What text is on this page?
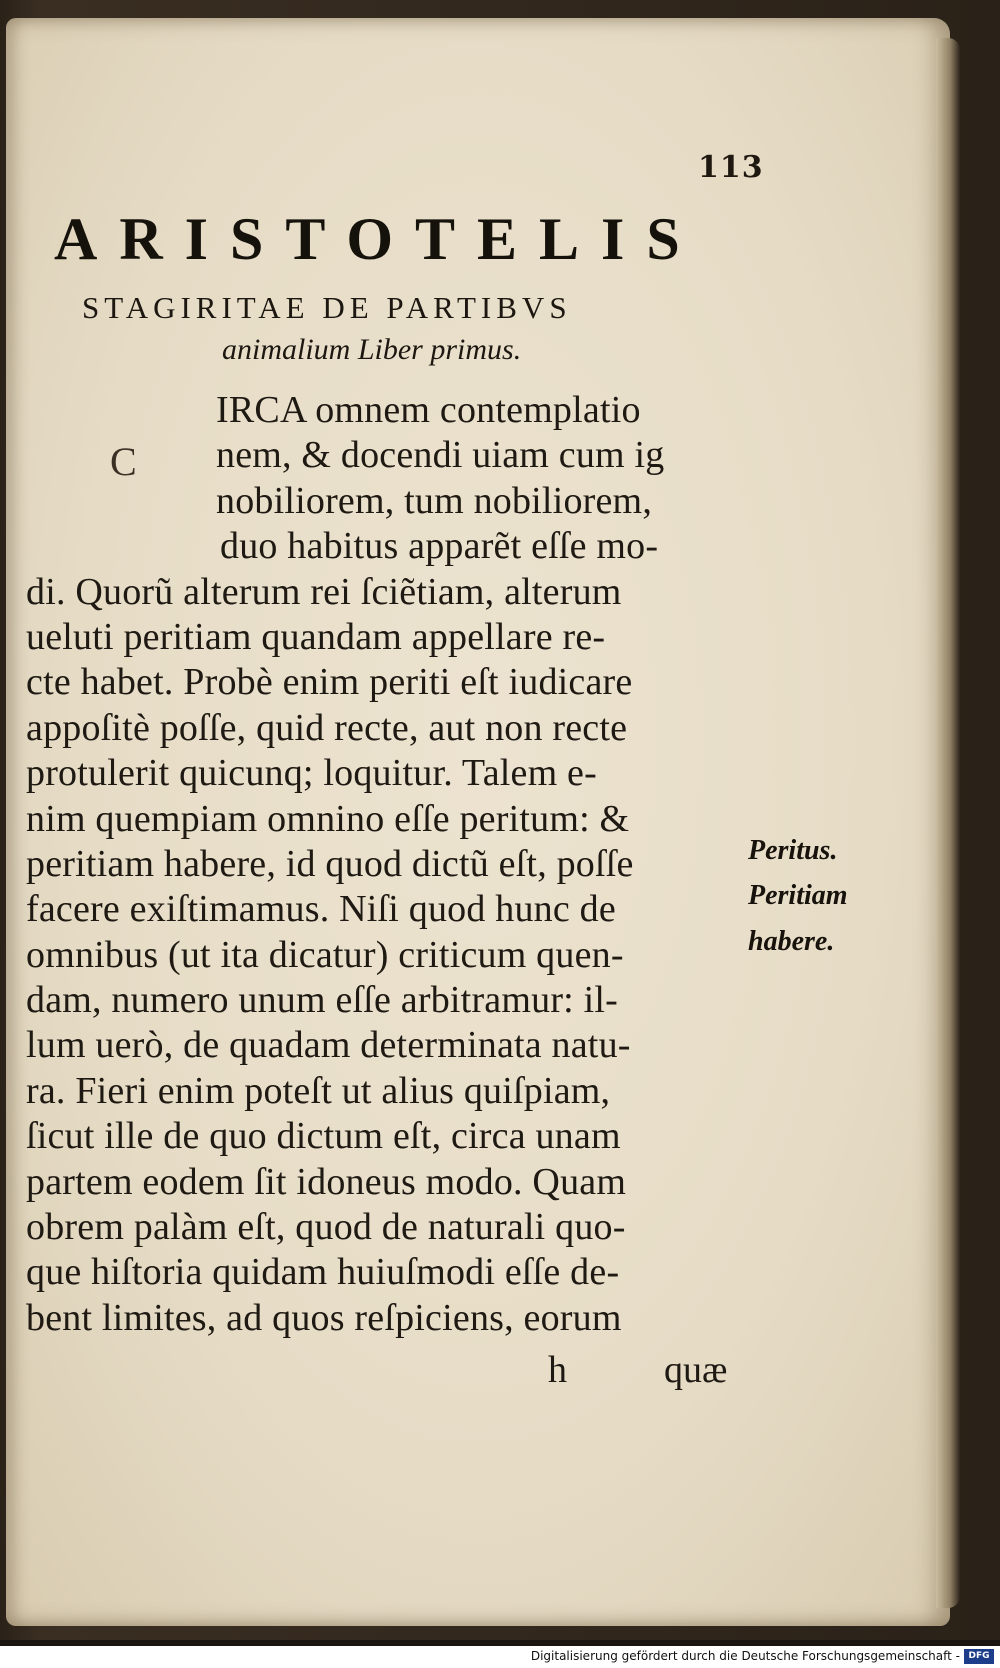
113
ARISTOTELIS
STAGIRITAE DE PARTIBVS
animalium Liber primus.
C
IRCA omnem contemplatio
nem, & docendi uiam cum ig
nobiliorem, tum nobiliorem,
duo habitus apparẽt eſſe mo-
di. Quorũ alterum rei ſciẽtiam, alterum
ueluti peritiam quandam appellare re-
cte habet. Probè enim periti eſt iudicare
appoſitè poſſe, quid recte, aut non recte
protulerit quicunq; loquitur. Talem e-
nim quempiam omnino eſſe peritum: &
peritiam habere, id quod dictũ eſt, poſſe
facere exiſtimamus. Niſi quod hunc de
omnibus (ut ita dicatur) criticum quen-
dam, numero unum eſſe arbitramur: il-
lum uerò, de quadam determinata natu-
ra. Fieri enim poteſt ut alius quiſpiam,
ſicut ille de quo dictum eſt, circa unam
partem eodem ſit idoneus modo. Quam
obrem palàm eſt, quod de naturali quo-
que hiſtoria quidam huiuſmodi eſſe de-
bent limites, ad quos reſpiciens, eorum
h	quæ
Peritus.
Peritiam
habere.
Digitalisierung gefördert durch die Deutsche Forschungsgemeinschaft - DFG
